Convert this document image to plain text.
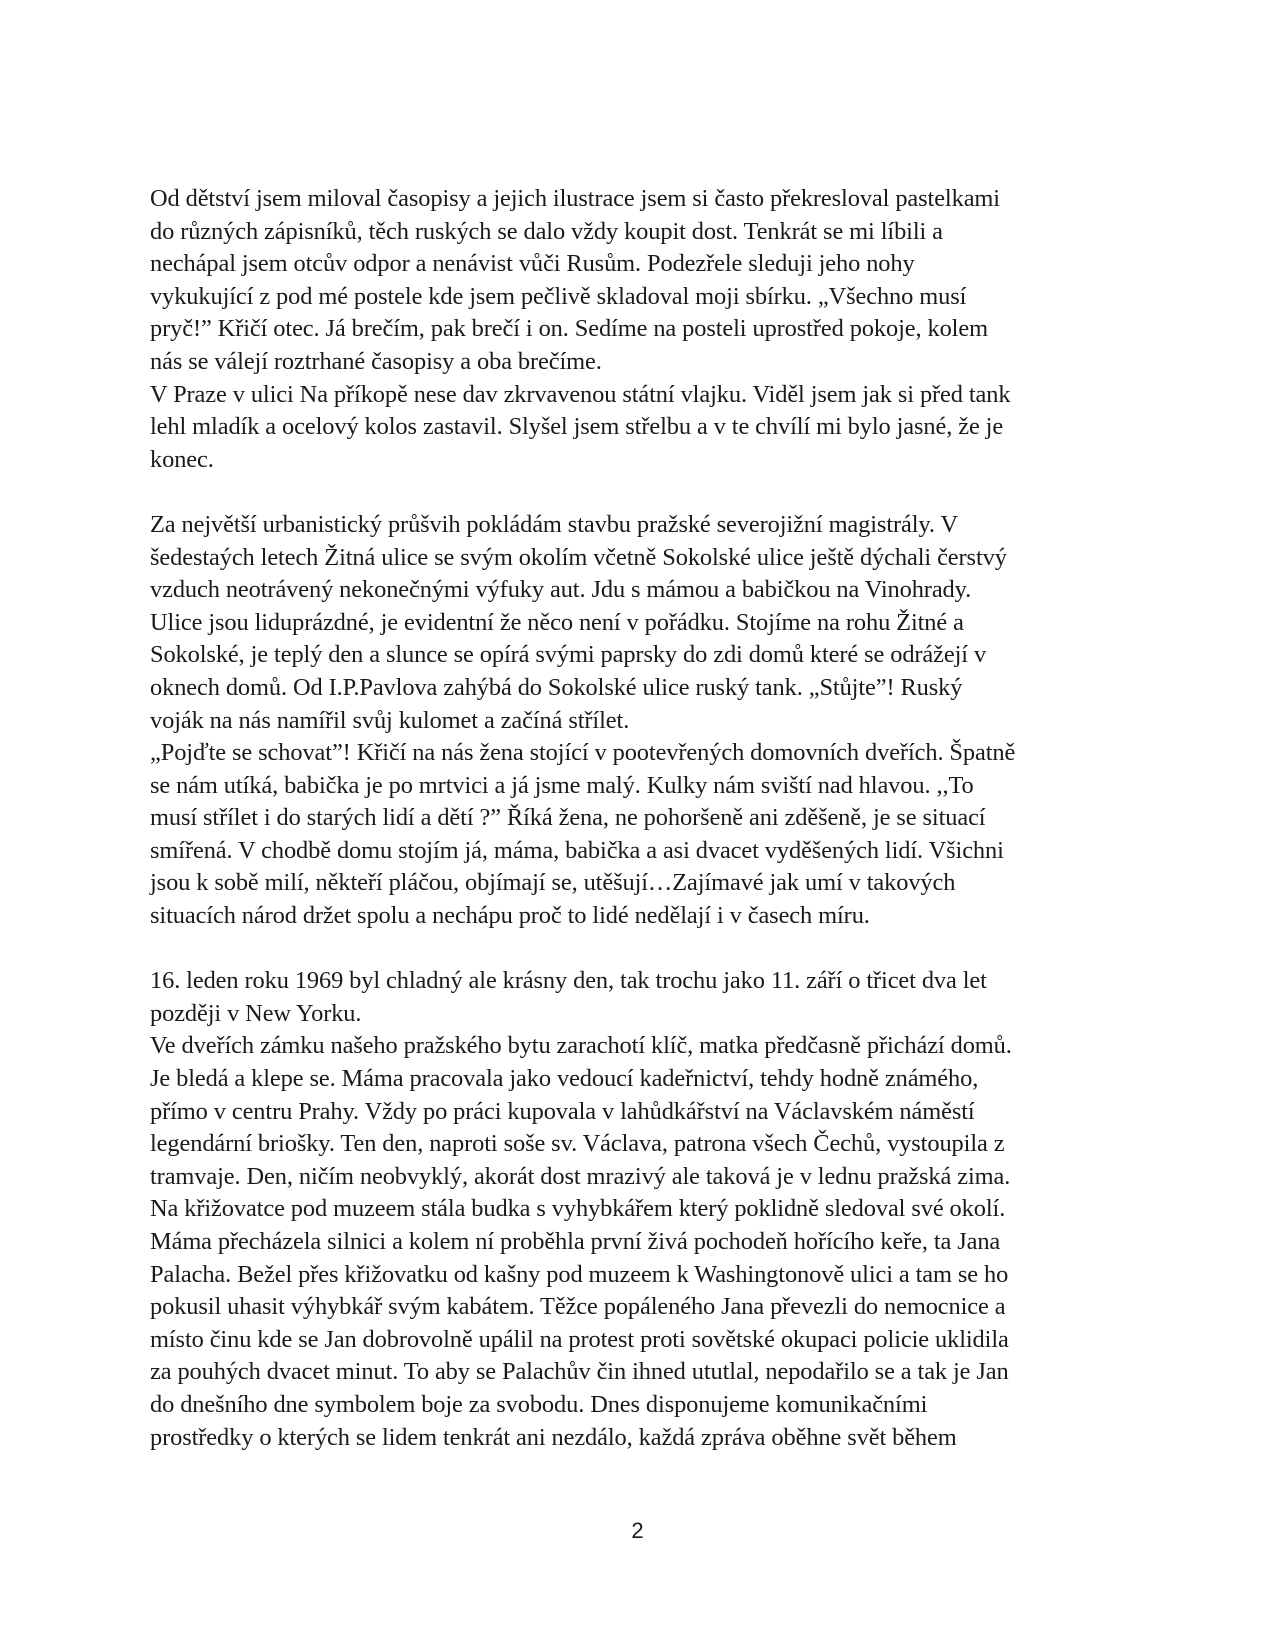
Od dětství jsem miloval časopisy a jejich ilustrace jsem si často překresloval pastelkami
do různých zápisníků, těch ruských se dalo vždy koupit dost. Tenkrát se mi líbili a
nechápal jsem otcův odpor a nenávist vůči Rusům. Podezřele sleduji jeho nohy
vykukující z pod mé postele kde jsem pečlivě skladoval moji sbírku. „Všechno musí
pryč!” Křičí otec. Já brečím, pak brečí i on. Sedíme na posteli uprostřed pokoje, kolem
nás se válejí roztrhané časopisy a oba brečíme.
V Praze v ulici Na příkopě nese dav zkrvavenou státní vlajku. Viděl jsem jak si před tank
lehl mladík a ocelový kolos zastavil. Slyšel jsem střelbu a v te chvílí mi bylo jasné, že je
konec.
Za největší urbanistický průšvih pokládám stavbu pražské severojižní magistrály. V
šedestaých letech Žitná ulice se svým okolím včetně Sokolské ulice ještě dýchali čerstvý
vzduch neotrávený nekonečnými výfuky aut. Jdu s mámou a babičkou na Vinohrady.
Ulice jsou liduprázdné, je evidentní že něco není v pořádku. Stojíme na rohu Žitné a
Sokolské, je teplý den a slunce se opírá svými paprsky do zdi domů které se odrážejí v
oknech domů. Od I.P.Pavlova zahýbá do Sokolské ulice ruský tank. „Stůjte”! Ruský
voják na nás namířil svůj kulomet a začíná střílet.
„Pojďte se schovat”! Křičí na nás žena stojící v pootevřených domovních dveřích. Špatně
se nám utíká, babička je po mrtvici a já jsme malý. Kulky nám sviští nad hlavou. ,,To
musí střílet i do starých lidí a dětí ?” Říká žena, ne pohoršeně ani zděšeně, je se situací
smířená. V chodbě domu stojím já, máma, babička a asi dvacet vyděšených lidí. Všichni
jsou k sobě milí, někteří pláčou, objímají se, utěšují…Zajímavé jak umí v takových
situacích národ držet spolu a nechápu proč to lidé nedělají i v časech míru.
16. leden roku 1969 byl chladný ale krásny den, tak trochu jako 11. září o třicet dva let
později v New Yorku.
Ve dveřích zámku našeho pražského bytu zarachotí klíč, matka předčasně přichází domů.
Je bledá a klepe se. Máma pracovala jako vedoucí kadeřnictví, tehdy hodně známého,
přímo v centru Prahy. Vždy po práci kupovala v lahůdkářství na Václavském náměstí
legendární briošky. Ten den, naproti soše sv. Václava, patrona všech Čechů, vystoupila z
tramvaje. Den, ničím neobvyklý, akorát dost mrazivý ale taková je v lednu pražská zima.
Na křižovatce pod muzeem stála budka s vyhybkářem který poklidně sledoval své okolí.
Máma přecházela silnici a kolem ní proběhla první živá pochodeň hořícího keře, ta Jana
Palacha. Bežel přes křižovatku od kašny pod muzeem k Washingtonově ulici a tam se ho
pokusil uhasit výhybkář svým kabátem. Těžce popáleného Jana převezli do nemocnice a
místo činu kde se Jan dobrovolně upálil na protest proti sovětské okupaci policie uklidila
za pouhých dvacet minut. To aby se Palachův čin ihned ututlal, nepodařilo se a tak je Jan
do dnešního dne symbolem boje za svobodu. Dnes disponujeme komunikačními
prostředky o kterých se lidem tenkrát ani nezdálo, každá zpráva oběhne svět během
2
